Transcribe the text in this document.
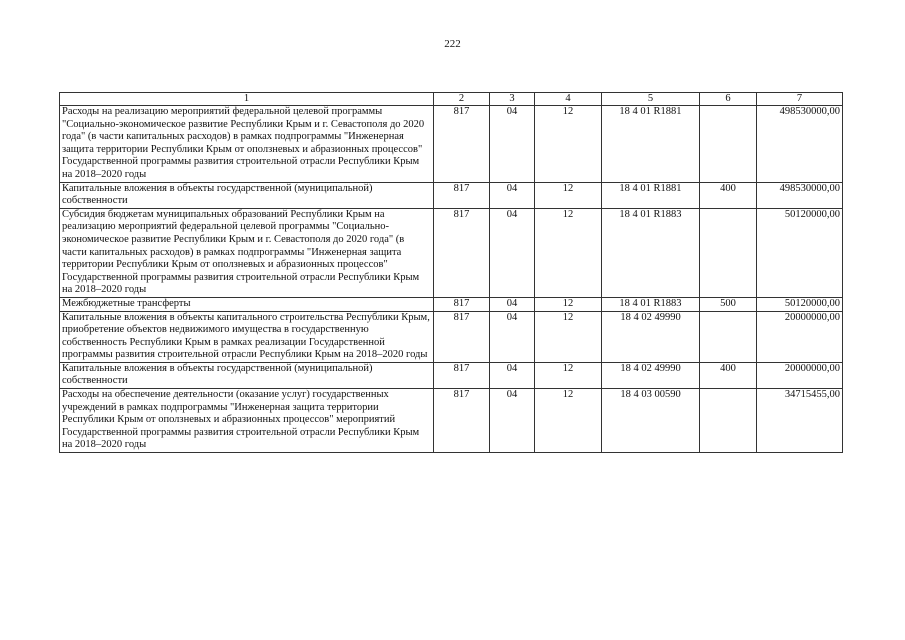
222
1	2	3	4	5	6	7
Расходы на реализацию мероприятий федеральной целевой программы "Социально-экономическое развитие Республики Крым и г. Севастополя до 2020 года" (в части капитальных расходов) в рамках подпрограммы "Инженерная защита территории Республики Крым от оползневых и абразионных процессов" Государственной программы развития строительной отрасли Республики Крым на 2018–2020 годы	817	04	12	18 4 01 R1881		498530000,00
Капитальные вложения в объекты государственной (муниципальной) собственности	817	04	12	18 4 01 R1881	400	498530000,00
Субсидия бюджетам муниципальных образований Республики Крым на реализацию мероприятий федеральной целевой программы "Социально-экономическое развитие Республики Крым и г. Севастополя до 2020 года" (в части капитальных расходов) в рамках подпрограммы "Инженерная защита территории Республики Крым от оползневых и абразионных процессов" Государственной программы развития строительной отрасли Республики Крым на 2018–2020 годы	817	04	12	18 4 01 R1883		50120000,00
Межбюджетные трансферты	817	04	12	18 4 01 R1883	500	50120000,00
Капитальные вложения в объекты капитального строительства Республики Крым, приобретение объектов недвижимого имущества в государственную собственность Республики Крым в рамках реализации Государственной программы развития строительной отрасли Республики Крым на 2018–2020 годы	817	04	12	18 4 02 49990		20000000,00
Капитальные вложения в объекты государственной (муниципальной) собственности	817	04	12	18 4 02 49990	400	20000000,00
Расходы на обеспечение деятельности (оказание услуг) государственных учреждений в рамках подпрограммы "Инженерная защита территории Республики Крым от оползневых и абразионных процессов" мероприятий Государственной программы развития строительной отрасли Республики Крым на 2018–2020 годы	817	04	12	18 4 03 00590		34715455,00
